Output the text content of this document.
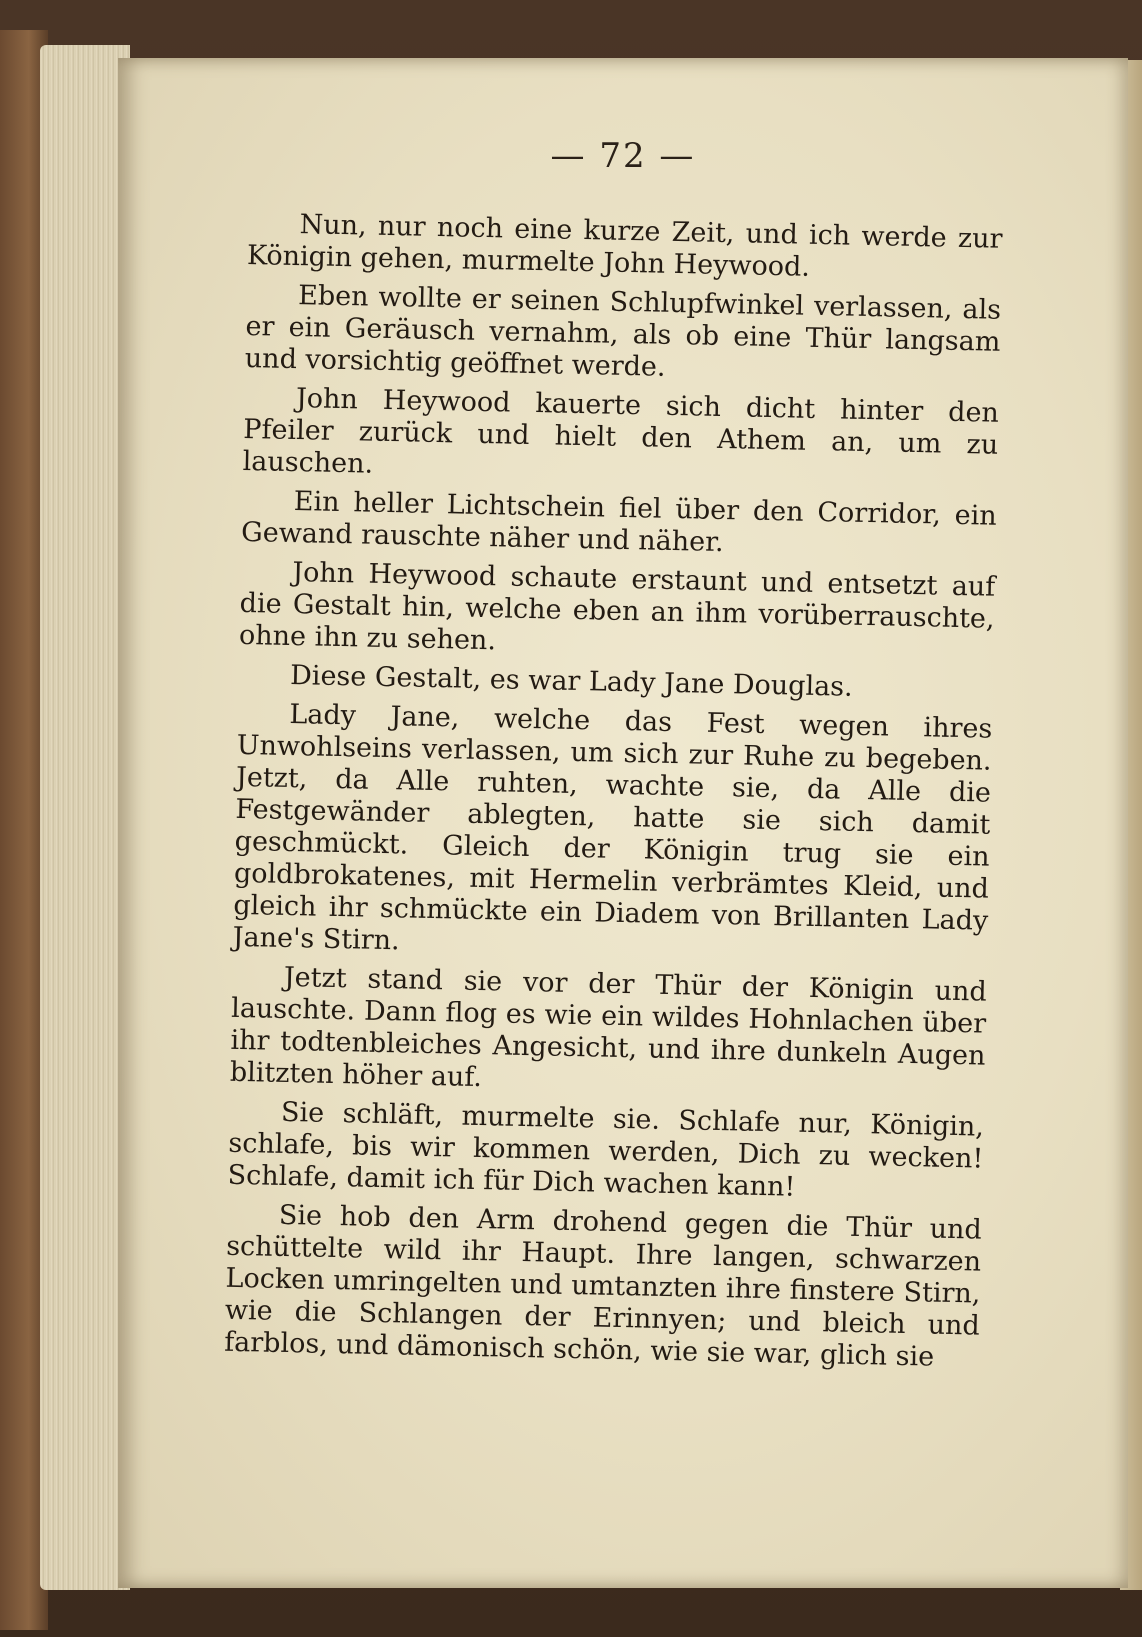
— 72 —

Nun, nur noch eine kurze Zeit, und ich werde zur Königin gehen, murmelte John Heywood.

Eben wollte er seinen Schlupfwinkel verlassen, als er ein Geräusch vernahm, als ob eine Thür langsam und vorsichtig geöffnet werde.

John Heywood kauerte sich dicht hinter den Pfeiler zurück und hielt den Athem an, um zu lauschen.

Ein heller Lichtschein fiel über den Corridor, ein Gewand rauschte näher und näher.

John Heywood schaute erstaunt und entsetzt auf die Gestalt hin, welche eben an ihm vorüberrauschte, ohne ihn zu sehen.

Diese Gestalt, es war Lady Jane Douglas.

Lady Jane, welche das Fest wegen ihres Unwohlseins verlassen, um sich zur Ruhe zu begeben. Jetzt, da Alle ruhten, wachte sie, da Alle die Festgewänder ablegten, hatte sie sich damit geschmückt. Gleich der Königin trug sie ein goldbrokatenes, mit Hermelin verbrämtes Kleid, und gleich ihr schmückte ein Diadem von Brillanten Lady Jane's Stirn.

Jetzt stand sie vor der Thür der Königin und lauschte. Dann flog es wie ein wildes Hohnlachen über ihr todtenbleiches Angesicht, und ihre dunkeln Augen blitzten höher auf.

Sie schläft, murmelte sie. Schlafe nur, Königin, schlafe, bis wir kommen werden, Dich zu wecken! Schlafe, damit ich für Dich wachen kann!

Sie hob den Arm drohend gegen die Thür und schüttelte wild ihr Haupt. Ihre langen, schwarzen Locken umringelten und umtanzten ihre finstere Stirn, wie die Schlangen der Erinnyen; und bleich und farblos, und dämonisch schön, wie sie war, glich sie
